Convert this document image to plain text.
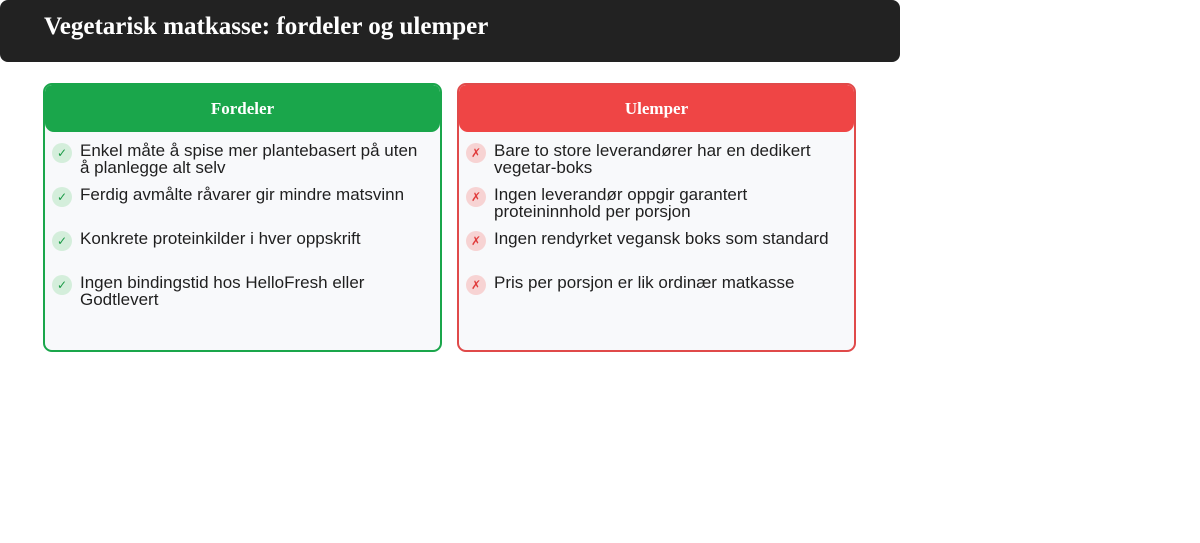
Vegetarisk matkasse: fordeler og ulemper
Fordeler
✓ Enkel måte å spise mer plantebasert på uten å planlegge alt selv
✓ Ferdig avmålte råvarer gir mindre matsvinn
✓ Konkrete proteinkilder i hver oppskrift
✓ Ingen bindingstid hos HelloFresh eller Godtlevert
Ulemper
✗ Bare to store leverandører har en dedikert vegetar-boks
✗ Ingen leverandør oppgir garantert proteininnhold per porsjon
✗ Ingen rendyrket vegansk boks som standard
✗ Pris per porsjon er lik ordinær matkasse
